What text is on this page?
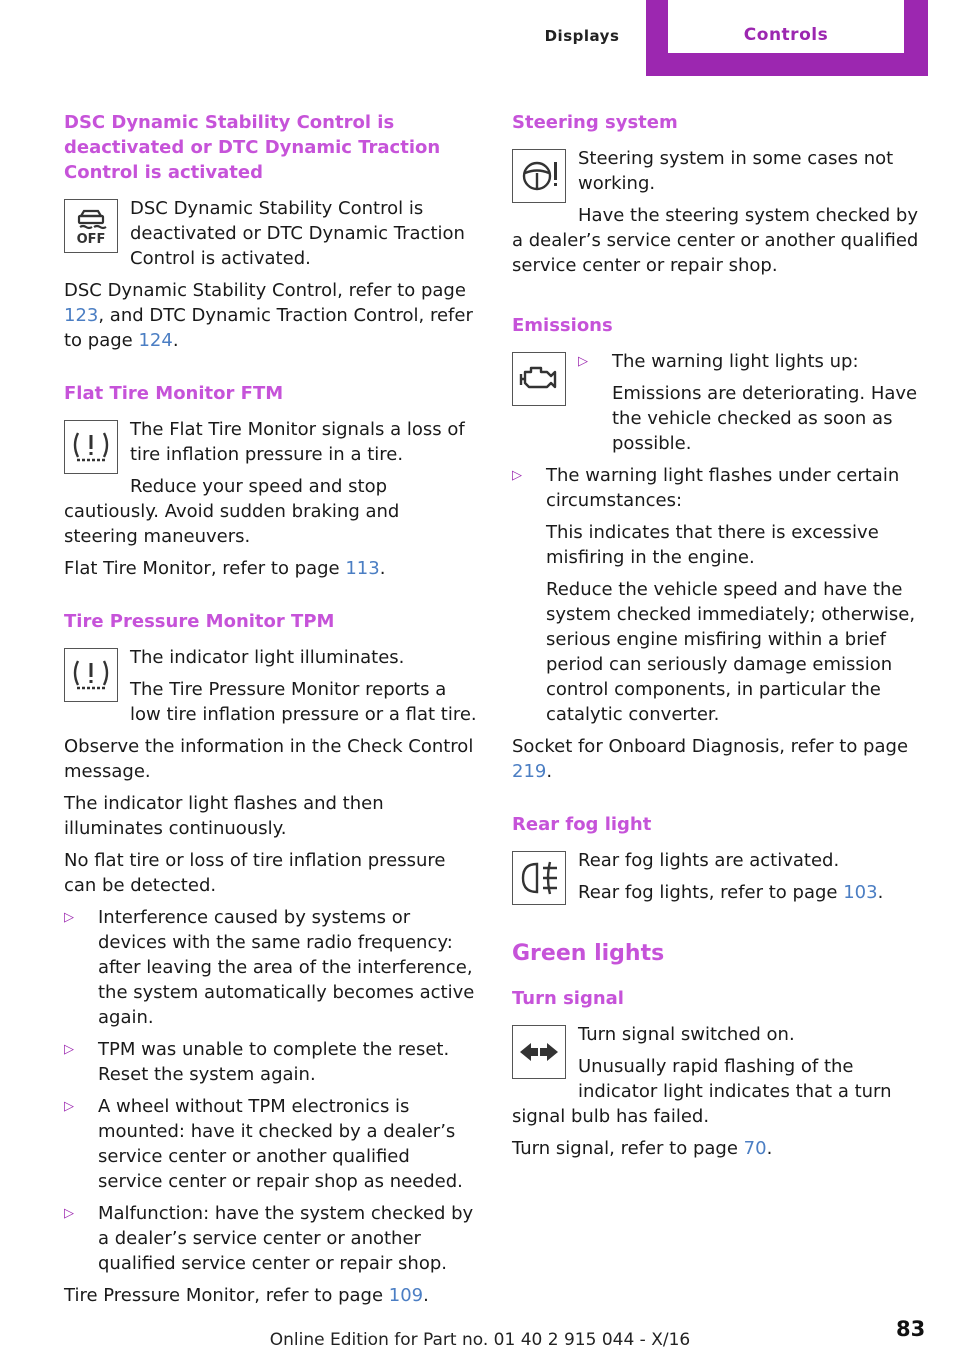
Displays	Controls
DSC Dynamic Stability Control is deactivated or DTC Dynamic Traction Control is activated
OFF

DSC Dynamic Stability Control is deactivated or DTC Dynamic Traction Control is activated.

DSC Dynamic Stability Control, refer to page 123, and DTC Dynamic Traction Control, refer to page 124.

Flat Tire Monitor FTM

The Flat Tire Monitor signals a loss of tire inflation pressure in a tire.

Reduce your speed and stop cautiously. Avoid sudden braking and steering maneuvers.

Flat Tire Monitor, refer to page 113.

Tire Pressure Monitor TPM

The indicator light illuminates.

The Tire Pressure Monitor reports a low tire inflation pressure or a flat tire.

Observe the information in the Check Control message.

The indicator light flashes and then illuminates continuously.

No flat tire or loss of tire inflation pressure can be detected.

▷ Interference caused by systems or devices with the same radio frequency: after leaving the area of the interference, the system automatically becomes active again.
▷ TPM was unable to complete the reset. Reset the system again.
▷ A wheel without TPM electronics is mounted: have it checked by a dealer’s service center or another qualified service center or repair shop as needed.
▷ Malfunction: have the system checked by a dealer’s service center or another qualified service center or repair shop.

Tire Pressure Monitor, refer to page 109.

Steering system

Steering system in some cases not working.

Have the steering system checked by a dealer’s service center or another qualified service center or repair shop.

Emissions
▷ The warning light lights up:

Emissions are deteriorating. Have the vehicle checked as soon as possible.
▷ The warning light flashes under certain circumstances:
This indicates that there is excessive misfiring in the engine.
Reduce the vehicle speed and have the system checked immediately; otherwise, serious engine misfiring within a brief period can seriously damage emission control components, in particular the catalytic converter.

Socket for Onboard Diagnosis, refer to page 219.

Rear fog light

Rear fog lights are activated.

Rear fog lights, refer to page 103.

Green lights
Turn signal

Turn signal switched on.

Unusually rapid flashing of the indicator light indicates that a turn signal bulb has failed.

Turn signal, refer to page 70.

Online Edition for Part no. 01 40 2 915 044 - X/16	83
